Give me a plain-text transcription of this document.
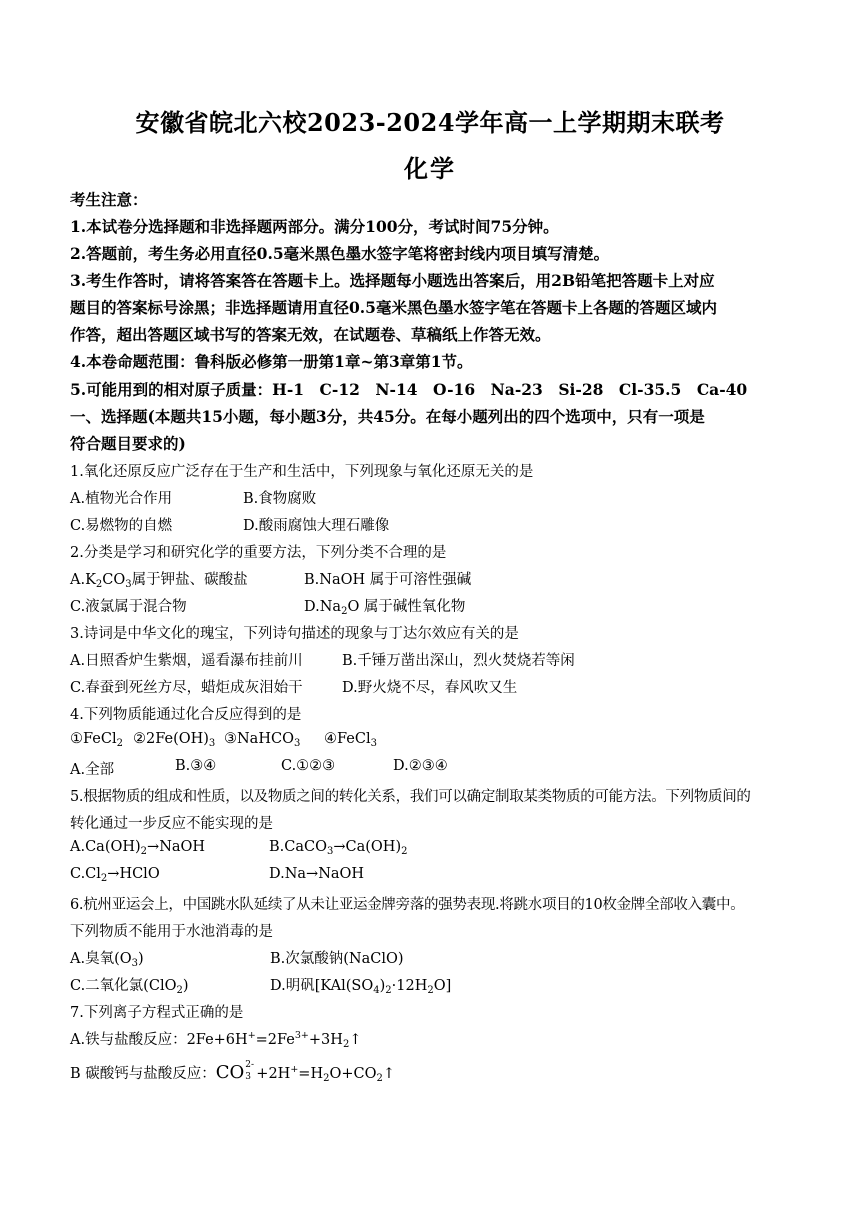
安徽省皖北六校2023-2024学年高一上学期期末联考
化学
考生注意：
1.本试卷分选择题和非选择题两部分。满分100分，考试时间75分钟。
2.答题前，考生务必用直径0.5毫米黑色墨水签字笔将密封线内项目填写清楚。
3.考生作答时，请将答案答在答题卡上。选择题每小题选出答案后，用2B铅笔把答题卡上对应
题目的答案标号涂黑；非选择题请用直径0.5毫米黑色墨水签字笔在答题卡上各题的答题区域内
作答，超出答题区域书写的答案无效，在试题卷、草稿纸上作答无效。
4.本卷命题范围：鲁科版必修第一册第1章~第3章第1节。
5.可能用到的相对原子质量：H-1　C-12　N-14　O-16　Na-23　Si-28　Cl-35.5　Ca-40
一、选择题(本题共15小题，每小题3分，共45分。在每小题列出的四个选项中，只有一项是
符合题目要求的)
1.氧化还原反应广泛存在于生产和生活中，下列现象与氧化还原无关的是
A.植物光合作用	B.食物腐败
C.易燃物的自燃	D.酸雨腐蚀大理石雕像
2.分类是学习和研究化学的重要方法，下列分类不合理的是
$A.K_2CO_3$属于钾盐、碳酸盐	B.NaOH 属于可溶性强碱
C.液氯属于混合物	$D.Na_2O$ 属于碱性氧化物
3.诗词是中华文化的瑰宝，下列诗句描述的现象与丁达尔效应有关的是
A.日照香炉生紫烟，遥看瀑布挂前川	B.千锤万凿出深山，烈火焚烧若等闲
C.春蚕到死丝方尽，蜡炬成灰泪始干	D.野火烧不尽，春风吹又生
4.下列物质能通过化合反应得到的是
①FeCl$_2$ $②2Fe(OH)_3$ ③NaHCO$_3$ ④FeCl$_3$
A.全部	B.③④	C.①②③	D.②③④
5.根据物质的组成和性质，以及物质之间的转化关系，我们可以确定制取某类物质的可能方法。下列物质间的
转化通过一步反应不能实现的是
$A.Ca(OH)_2\to NaOH$	$B.CaCO_3\to Ca(OH)_2$
$C.Cl_2\to HClO$	D.Na→NaOH
6.杭州亚运会上，中国跳水队延续了从未让亚运金牌旁落的强势表现.将跳水项目的10枚金牌全部收入囊中。
下列物质不能用于水池消毒的是
A.臭氧$(O_3)$	B.次氯酸钠(NaClO)
C.二氧化氯(ClO$_2$)	D.明矾$[KAl(SO_4)_2\cdot 12H_2O]$
7.下列离子方程式正确的是
A.铁与盐酸反应：$2Fe+6H^+=2Fe^{3+}+3H_2↑$
B 碳酸钙与盐酸反应：CO 2-
$3 +2H^+=H_2O+CO_2↑$
